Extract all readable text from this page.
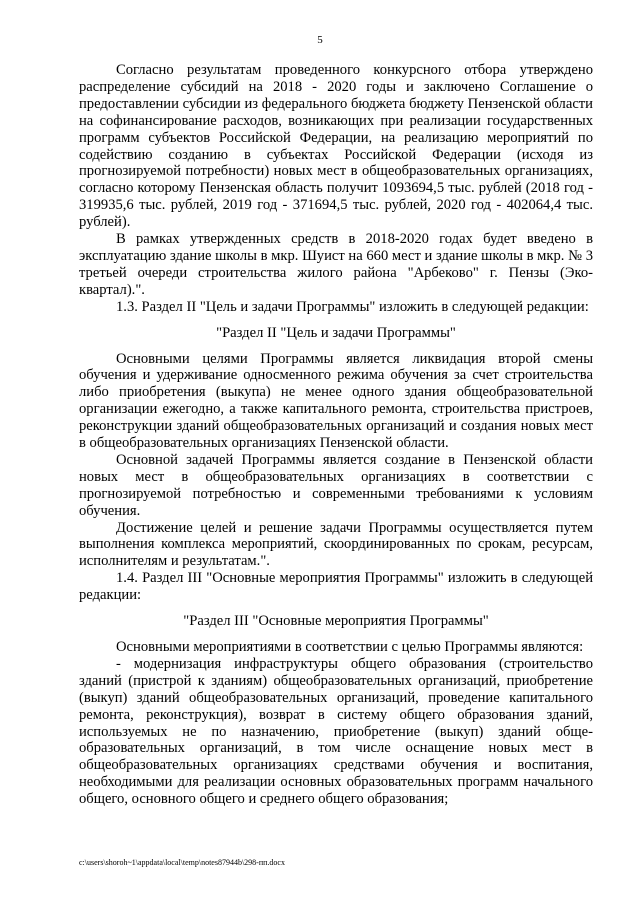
5

Согласно результатам проведенного конкурсного отбора утверждено распределение субсидий на 2018 - 2020 годы и заключено Соглашение о предоставлении субсидии из федерального бюджета бюджету Пензенской области на софинансирование расходов, возникающих при реализации государственных программ субъектов Российской Федерации, на реализацию мероприятий по содействию созданию в субъектах Российской Федерации (исходя из прогнозируемой потребности) новых мест в общеобразовательных организациях, согласно которому Пензенская область получит 1093694,5 тыс. рублей (2018 год - 319935,6 тыс. рублей, 2019 год - 371694,5 тыс. рублей, 2020 год - 402064,4 тыс. рублей).

В рамках утвержденных средств в 2018-2020 годах будет введено в эксплуатацию здание школы в мкр. Шуист на 660 мест и здание школы в мкр. № 3 третьей очереди строительства жилого района "Арбеково" г. Пензы (Эко-квартал).".

1.3. Раздел II "Цель и задачи Программы" изложить в следующей редакции:

"Раздел II "Цель и задачи Программы"

Основными целями Программы является ликвидация второй смены обучения и удерживание односменного режима обучения за счет строительства либо приобретения (выкупа) не менее одного здания общеобразовательной организации ежегодно, а также капитального ремонта, строительства пристроев, реконструкции зданий общеобразовательных организаций и создания новых мест в общеобразовательных организациях Пензенской области.

Основной задачей Программы является создание в Пензенской области новых мест в общеобразовательных организациях в соответствии с прогнозируемой потребностью и современными требованиями к условиям обучения.

Достижение целей и решение задачи Программы осуществляется путем выполнения комплекса мероприятий, скоординированных по срокам, ресурсам, исполнителям и результатам.".

1.4. Раздел III "Основные мероприятия Программы" изложить в следующей редакции:

"Раздел III "Основные мероприятия Программы"

Основными мероприятиями в соответствии с целью Программы являются:

- модернизация инфраструктуры общего образования (строительство зданий (пристрой к зданиям) общеобразовательных организаций, приобретение (выкуп) зданий общеобразовательных организаций, проведение капитального ремонта, реконструкция), возврат в систему общего образования зданий, используемых не по назначению, приобретение (выкуп) зданий обще-образовательных организаций, в том числе оснащение новых мест в общеобразовательных организациях средствами обучения и воспитания, необходимыми для реализации основных образовательных программ начального общего, основного общего и среднего общего образования;

c:\users\shoroh~1\appdata\local\temp\notes87944b\298-пп.docx
